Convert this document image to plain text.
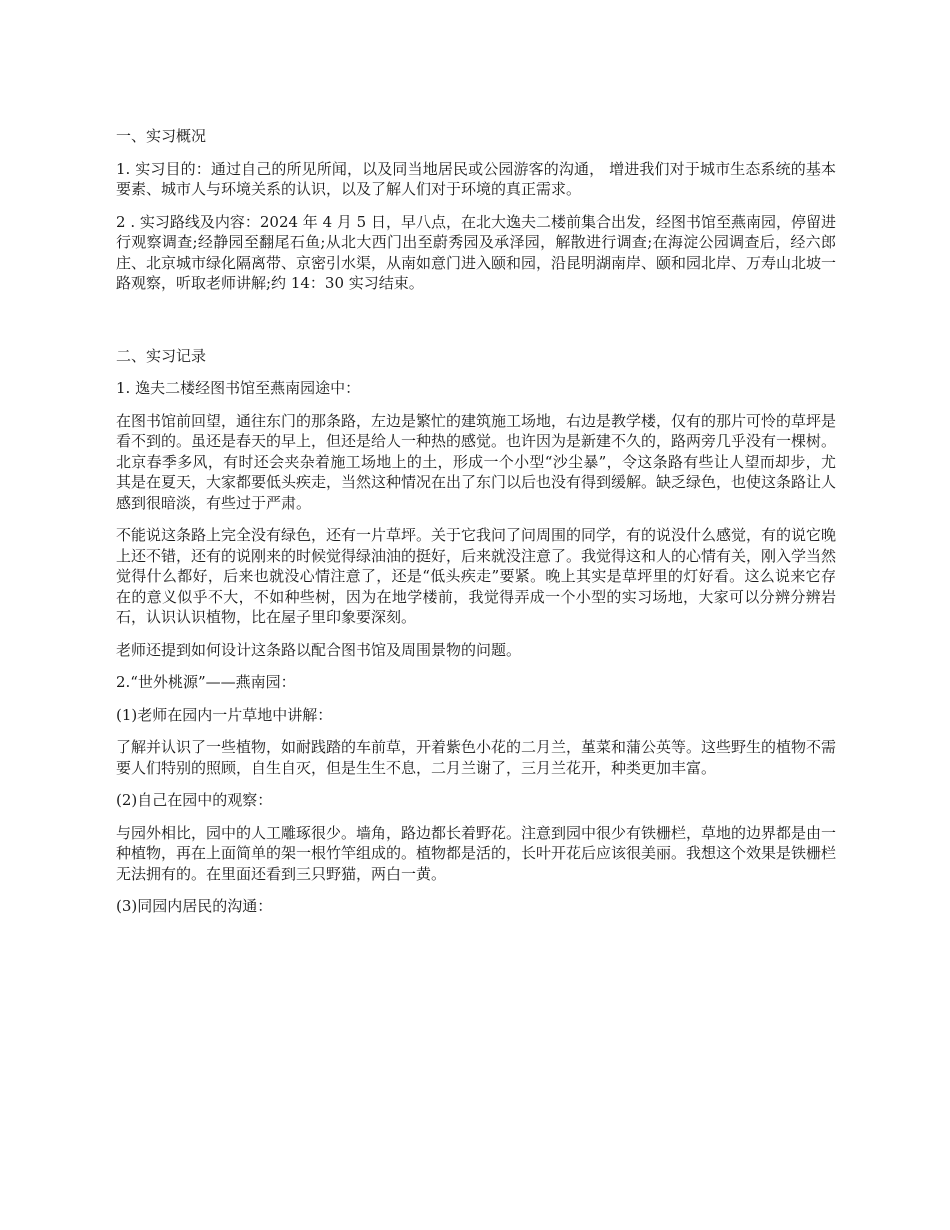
一、实习概况

1. 实习目的：通过自己的所见所闻，以及同当地居民或公园游客的沟通， 增进我们对于城市生态系统的基本要素、城市人与环境关系的认识，以及了解人们对于环境的真正需求。

2 . 实习路线及内容：2024 年 4 月 5 日，早八点，在北大逸夫二楼前集合出发，经图书馆至燕南园，停留进行观察调查;经静园至翻尾石鱼;从北大西门出至蔚秀园及承泽园，解散进行调查;在海淀公园调查后，经六郎庄、北京城市绿化隔离带、京密引水渠，从南如意门进入颐和园，沿昆明湖南岸、颐和园北岸、万寿山北坡一路观察，听取老师讲解;约 14：30 实习结束。

二、实习记录

1. 逸夫二楼经图书馆至燕南园途中：

在图书馆前回望，通往东门的那条路，左边是繁忙的建筑施工场地，右边是教学楼，仅有的那片可怜的草坪是看不到的。虽还是春天的早上，但还是给人一种热的感觉。也许因为是新建不久的，路两旁几乎没有一棵树。北京春季多风，有时还会夹杂着施工场地上的土，形成一个小型“沙尘暴”，令这条路有些让人望而却步，尤其是在夏天，大家都要低头疾走，当然这种情况在出了东门以后也没有得到缓解。缺乏绿色，也使这条路让人感到很暗淡，有些过于严肃。

不能说这条路上完全没有绿色，还有一片草坪。关于它我问了问周围的同学，有的说没什么感觉，有的说它晚上还不错，还有的说刚来的时候觉得绿油油的挺好，后来就没注意了。我觉得这和人的心情有关，刚入学当然觉得什么都好，后来也就没心情注意了，还是“低头疾走”要紧。晚上其实是草坪里的灯好看。这么说来它存在的意义似乎不大，不如种些树，因为在地学楼前，我觉得弄成一个小型的实习场地，大家可以分辨分辨岩石，认识认识植物，比在屋子里印象要深刻。

老师还提到如何设计这条路以配合图书馆及周围景物的问题。

2.“世外桃源”——燕南园：

(1)老师在园内一片草地中讲解：

了解并认识了一些植物，如耐践踏的车前草，开着紫色小花的二月兰，堇菜和蒲公英等。这些野生的植物不需要人们特别的照顾，自生自灭，但是生生不息，二月兰谢了，三月兰花开，种类更加丰富。

(2)自己在园中的观察：

与园外相比，园中的人工雕琢很少。墙角，路边都长着野花。注意到园中很少有铁栅栏，草地的边界都是由一种植物，再在上面简单的架一根竹竿组成的。植物都是活的，长叶开花后应该很美丽。我想这个效果是铁栅栏无法拥有的。在里面还看到三只野猫，两白一黄。

(3)同园内居民的沟通：
